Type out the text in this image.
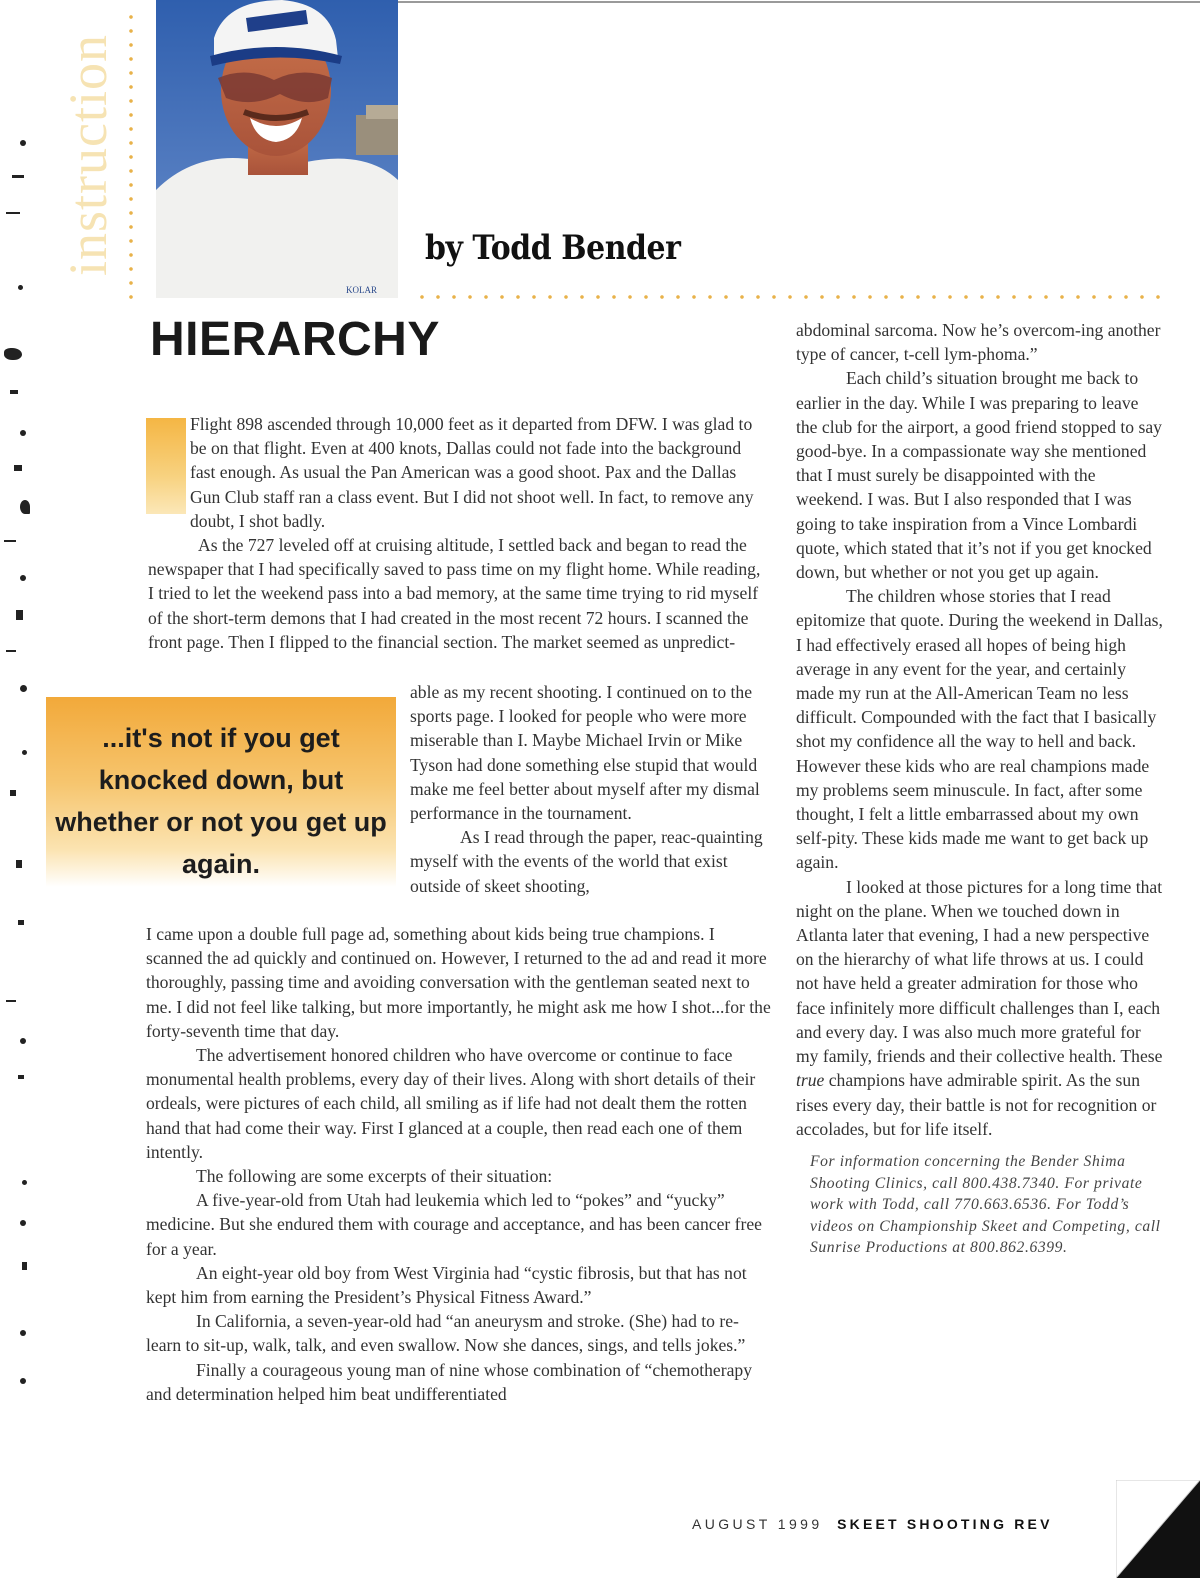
instruction
KOLAR
by Todd Bender
HIERARCHY

Flight 898 ascended through 10,000 feet as it departed from DFW. I was glad to be on that flight. Even at 400 knots, Dallas could not fade into the background fast enough. As usual the Pan American was a good shoot. Pax and the Dallas Gun Club staff ran a class event. But I did not shoot well. In fact, to remove any doubt, I shot badly.

As the 727 leveled off at cruising altitude, I settled back and began to read the newspaper that I had specifically saved to pass time on my flight home. While reading, I tried to let the weekend pass into a bad memory, at the same time trying to rid myself of the short-term demons that I had created in the most recent 72 hours. I scanned the front page. Then I flipped to the financial section. The market seemed as unpredict-

...it's not if you get knocked down, but whether or not you get up again.

able as my recent shooting. I continued on to the sports page. I looked for people who were more miserable than I. Maybe Michael Irvin or Mike Tyson had done something else stupid that would make me feel better about myself after my dismal performance in the tournament.

As I read through the paper, reac-quainting myself with the events of the world that exist outside of skeet shooting,

I came upon a double full page ad, something about kids being true champions. I scanned the ad quickly and continued on. However, I returned to the ad and read it more thoroughly, passing time and avoiding conversation with the gentleman seated next to me. I did not feel like talking, but more importantly, he might ask me how I shot...for the forty-seventh time that day.

The advertisement honored children who have overcome or continue to face monumental health problems, every day of their lives. Along with short details of their ordeals, were pictures of each child, all smiling as if life had not dealt them the rotten hand that had come their way. First I glanced at a couple, then read each one of them intently.

The following are some excerpts of their situation:

A five-year-old from Utah had leukemia which led to “pokes” and “yucky” medicine. But she endured them with courage and acceptance, and has been cancer free for a year.

An eight-year old boy from West Virginia had “cystic fibrosis, but that has not kept him from earning the President’s Physical Fitness Award.”

In California, a seven-year-old had “an aneurysm and stroke. (She) had to re-learn to sit-up, walk, talk, and even swallow. Now she dances, sings, and tells jokes.”

Finally a courageous young man of nine whose combination of “chemotherapy and determination helped him beat undifferentiated

abdominal sarcoma. Now he’s overcom-ing another type of cancer, t-cell lym-phoma.”

Each child’s situation brought me back to earlier in the day. While I was preparing to leave the club for the airport, a good friend stopped to say good-bye. In a compassionate way she mentioned that I must surely be disappointed with the weekend. I was. But I also responded that I was going to take inspiration from a Vince Lombardi quote, which stated that it’s not if you get knocked down, but whether or not you get up again.

The children whose stories that I read epitomize that quote. During the weekend in Dallas, I had effectively erased all hopes of being high average in any event for the year, and certainly made my run at the All-American Team no less difficult. Compounded with the fact that I basically shot my confidence all the way to hell and back. However these kids who are real champions made my problems seem minuscule. In fact, after some thought, I felt a little embarrassed about my own self-pity. These kids made me want to get back up again.

I looked at those pictures for a long time that night on the plane. When we touched down in Atlanta later that evening, I had a new perspective on the hierarchy of what life throws at us. I could not have held a greater admiration for those who face infinitely more difficult challenges than I, each and every day. I was also much more grateful for my family, friends and their collective health. These true champions have admirable spirit. As the sun rises every day, their battle is not for recognition or accolades, but for life itself.

For information concerning the Bender Shima Shooting Clinics, call 800.438.7340. For private work with Todd, call 770.663.6536. For Todd’s videos on Championship Skeet and Competing, call Sunrise Productions at 800.862.6399.

AUGUST 1999 SKEET SHOOTING REV
